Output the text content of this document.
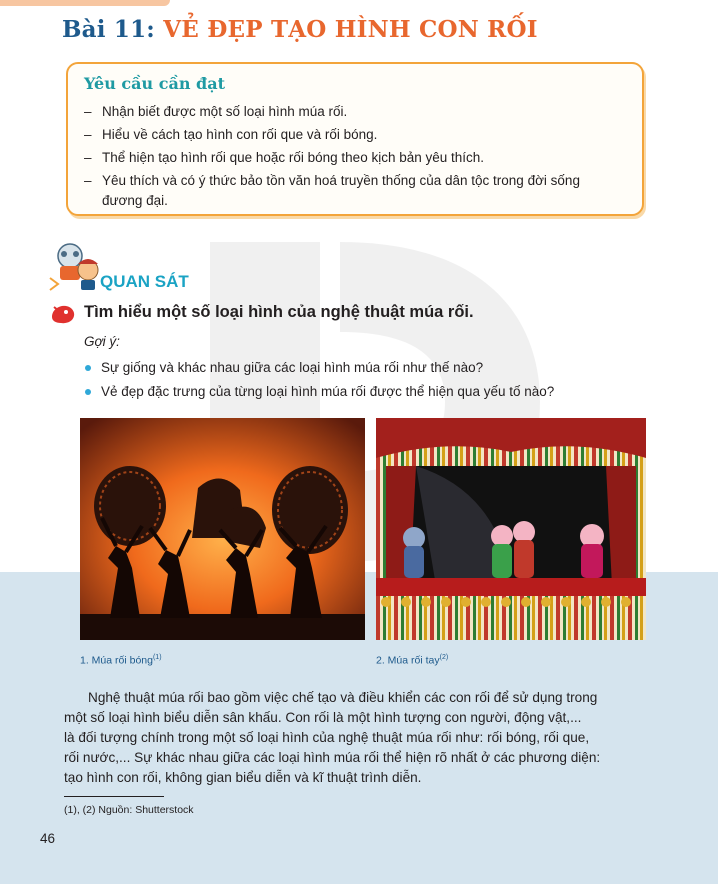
Bài 11: VẺ ĐẸP TẠO HÌNH CON RỐI
Yêu cầu cần đạt
– Nhận biết được một số loại hình múa rối.
– Hiểu về cách tạo hình con rối que và rối bóng.
– Thể hiện tạo hình rối que hoặc rối bóng theo kịch bản yêu thích.
– Yêu thích và có ý thức bảo tồn văn hoá truyền thống của dân tộc trong đời sống
đương đại.
QUAN SÁT
Tìm hiểu một số loại hình của nghệ thuật múa rối.
Gợi ý:
Sự giống và khác nhau giữa các loại hình múa rối như thế nào?
Vẻ đẹp đặc trưng của từng loại hình múa rối được thể hiện qua yếu tố nào?
1. Múa rối bóng$^{(1)}$	2. Múa rối tay$^{(2)}$

Nghệ thuật múa rối bao gồm việc chế tạo và điều khiển các con rối để sử dụng trong
một số loại hình biểu diễn sân khấu. Con rối là một hình tượng con người, động vật,...
là đối tượng chính trong một số loại hình của nghệ thuật múa rối như: rối bóng, rối que,
rối nước,... Sự khác nhau giữa các loại hình múa rối thể hiện rõ nhất ở các phương diện:
tạo hình con rối, không gian biểu diễn và kĩ thuật trình diễn.

(1), (2) Nguồn: Shutterstock
46
